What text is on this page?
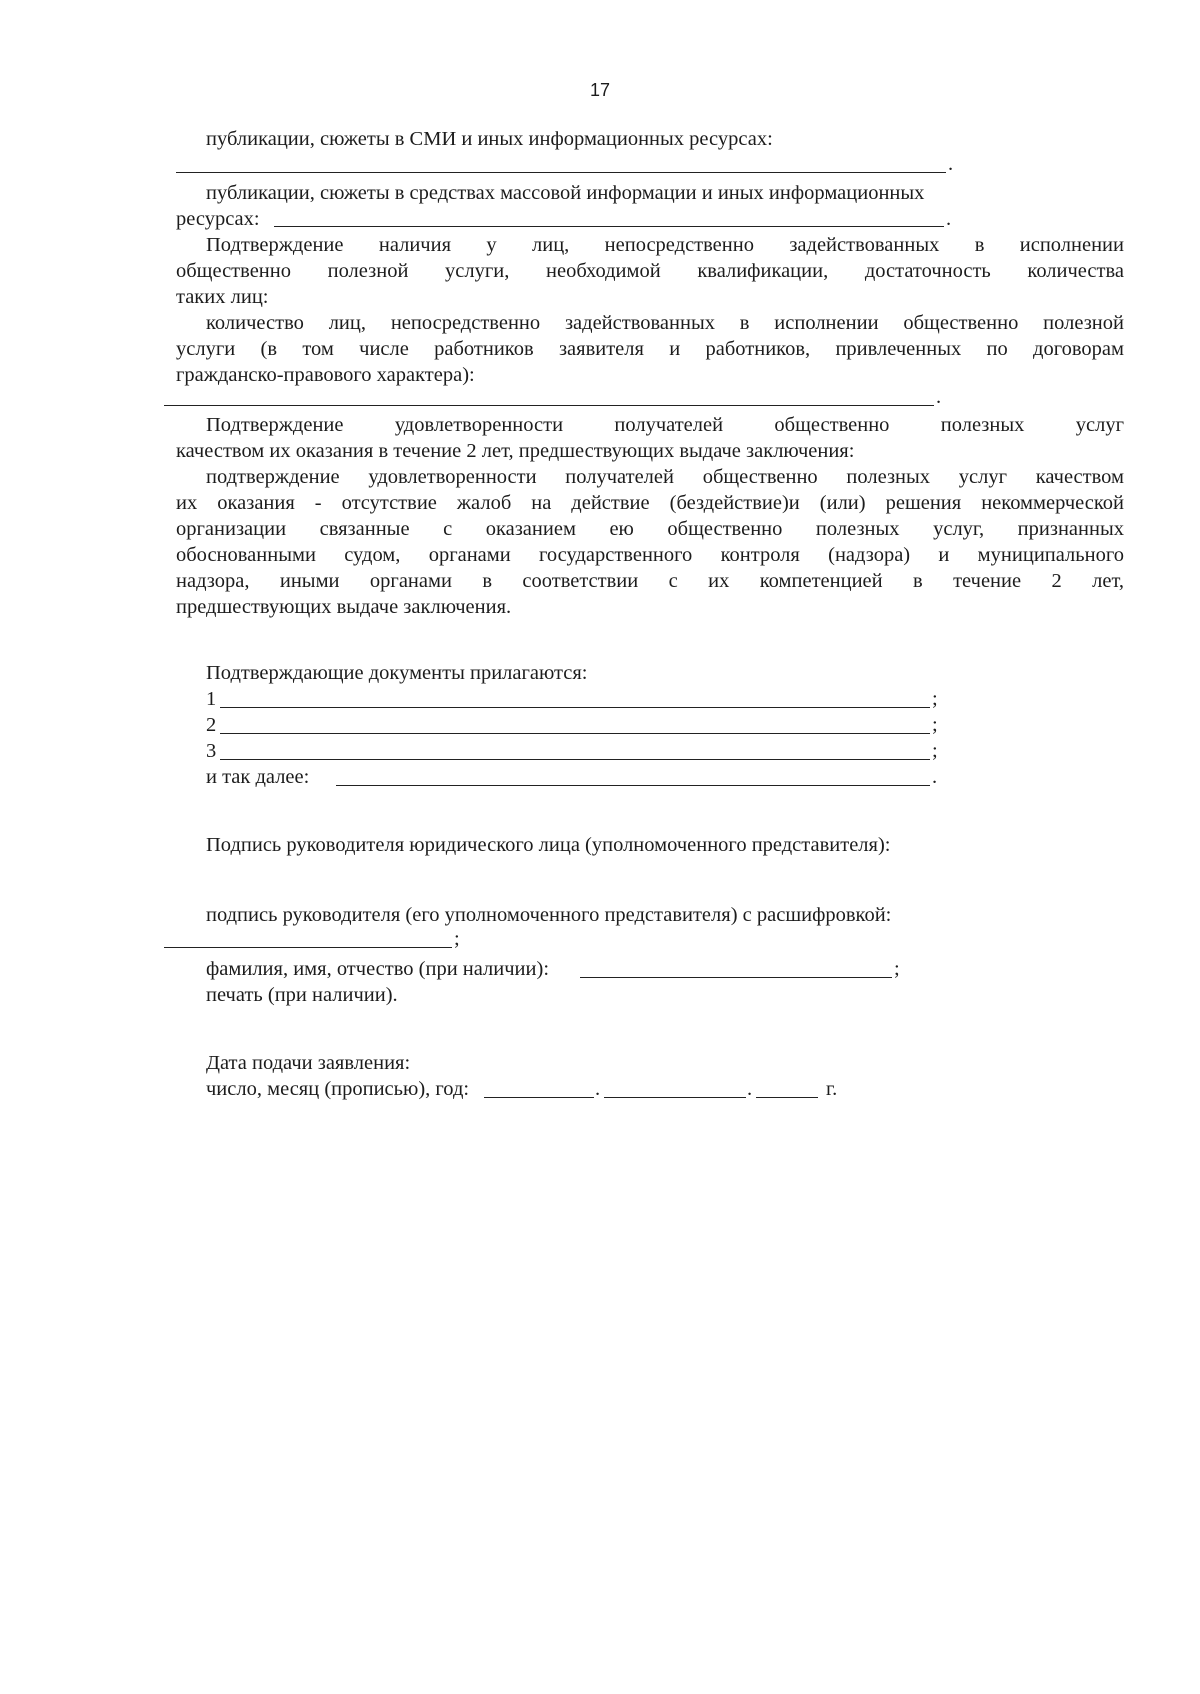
17
публикации, сюжеты в СМИ и иных информационных ресурсах:
.
публикации, сюжеты в средствах массовой информации и иных информационных
ресурсах:	.
Подтверждение наличия у лиц, непосредственно задействованных в исполнении
общественно полезной услуги, необходимой квалификации, достаточность количества
таких лиц:
количество лиц, непосредственно задействованных в исполнении общественно полезной
услуги (в том числе работников заявителя и работников, привлеченных по договорам
гражданско-правового характера):
.
Подтверждение удовлетворенности получателей общественно полезных услуг
качеством их оказания в течение 2 лет, предшествующих выдаче заключения:
подтверждение удовлетворенности получателей общественно полезных услуг качеством
их оказания - отсутствие жалоб на действие (бездействие)и (или) решения некоммерческой
организации связанные с оказанием ею общественно полезных услуг, признанных
обоснованными судом, органами государственного контроля (надзора) и муниципального
надзора, иными органами в соответствии с их компетенцией в течение 2 лет,
предшествующих выдаче заключения.
Подтверждающие документы прилагаются:
1	;
2	;
3	;
и так далее:	.
Подпись руководителя юридического лица (уполномоченного представителя):
подпись руководителя (его уполномоченного представителя) с расшифровкой:
;
фамилия, имя, отчество (при наличии):	;
печать (при наличии).
Дата подачи заявления:
число, месяц (прописью), год:	.	.	г.
